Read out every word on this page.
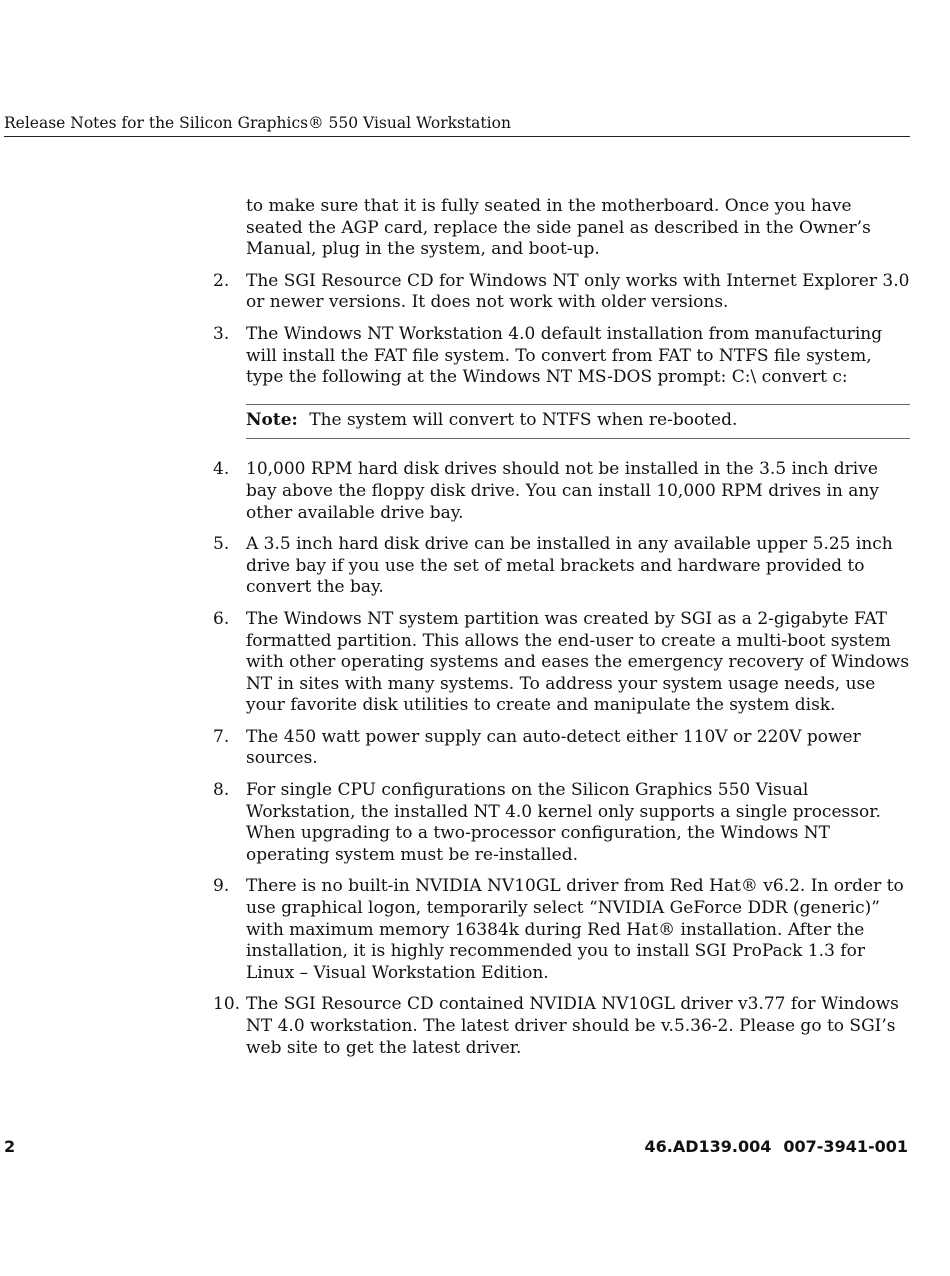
Release Notes for the Silicon Graphics® 550 Visual Workstation

to make sure that it is fully seated in the motherboard. Once you have seated the AGP card, replace the side panel as described in the Owner’s Manual, plug in the system, and boot-up.

2. The SGI Resource CD for Windows NT only works with Internet Explorer 3.0 or newer versions. It does not work with older versions.
3. The Windows NT Workstation 4.0 default installation from manufacturing will install the FAT file system. To convert from FAT to NTFS file system, type the following at the Windows NT MS-DOS prompt: C:\ convert c:
Note: The system will convert to NTFS when re-booted.
4. 10,000 RPM hard disk drives should not be installed in the 3.5 inch drive bay above the floppy disk drive. You can install 10,000 RPM drives in any other available drive bay.
5. A 3.5 inch hard disk drive can be installed in any available upper 5.25 inch drive bay if you use the set of metal brackets and hardware provided to convert the bay.
6. The Windows NT system partition was created by SGI as a 2-gigabyte FAT formatted partition. This allows the end-user to create a multi-boot system with other operating systems and eases the emergency recovery of Windows NT in sites with many systems. To address your system usage needs, use your favorite disk utilities to create and manipulate the system disk.
7. The 450 watt power supply can auto-detect either 110V or 220V power sources.
8. For single CPU configurations on the Silicon Graphics 550 Visual Workstation, the installed NT 4.0 kernel only supports a single processor. When upgrading to a two-processor configuration, the Windows NT operating system must be re-installed.
9. There is no built-in NVIDIA NV10GL driver from Red Hat® v6.2. In order to use graphical logon, temporarily select “NVIDIA GeForce DDR (generic)” with maximum memory 16384k during Red Hat® installation. After the installation, it is highly recommended you to install SGI ProPack 1.3 for Linux – Visual Workstation Edition.
10. The SGI Resource CD contained NVIDIA NV10GL driver v3.77 for Windows NT 4.0 workstation. The latest driver should be v.5.36-2. Please go to SGI’s web site to get the latest driver.
2	46.AD139.004 007-3941-001
